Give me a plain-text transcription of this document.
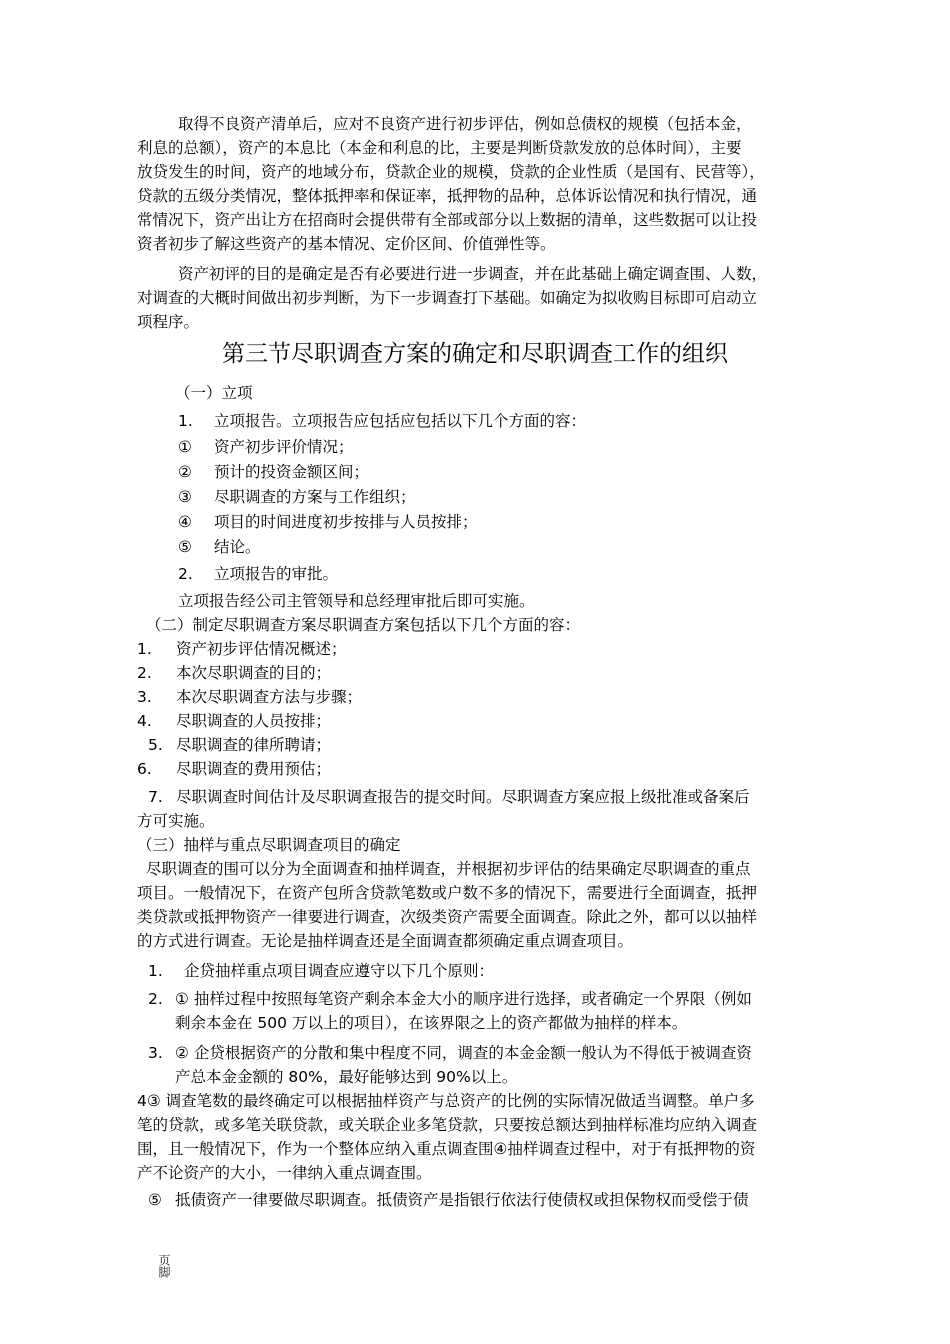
取得不良资产清单后，应对不良资产进行初步评估，例如总债权的规模（包括本金，
利息的总额），资产的本息比（本金和利息的比，主要是判断贷款发放的总体时间），主要
放贷发生的时间，资产的地域分布，贷款企业的规模，贷款的企业性质（是国有、民营等），
贷款的五级分类情况，整体抵押率和保证率，抵押物的品种，总体诉讼情况和执行情况，通
常情况下，资产出让方在招商时会提供带有全部或部分以上数据的清单，这些数据可以让投
资者初步了解这些资产的基本情况、定价区间、价值弹性等。
资产初评的目的是确定是否有必要进行进一步调查，并在此基础上确定调查围、人数，
对调查的大概时间做出初步判断，为下一步调查打下基础。如确定为拟收购目标即可启动立
项程序。
第三节尽职调查方案的确定和尽职调查工作的组织
（一）立项
1. 立项报告。立项报告应包括应包括以下几个方面的容：
① 资产初步评价情况；
② 预计的投资金额区间；
③ 尽职调查的方案与工作组织；
④ 项目的时间进度初步按排与人员按排；
⑤ 结论。
2. 立项报告的审批。
立项报告经公司主管领导和总经理审批后即可实施。
（二）制定尽职调查方案尽职调查方案包括以下几个方面的容：
1. 资产初步评估情况概述；
2. 本次尽职调查的目的；
3. 本次尽职调查方法与步骤；
4. 尽职调查的人员按排；
5. 尽职调查的律所聘请；
6. 尽职调查的费用预估；
7. 尽职调查时间估计及尽职调查报告的提交时间。尽职调查方案应报上级批准或备案后
方可实施。
（三）抽样与重点尽职调查项目的确定
尽职调查的围可以分为全面调查和抽样调查，并根据初步评估的结果确定尽职调查的重点
项目。一般情况下，在资产包所含贷款笔数或户数不多的情况下，需要进行全面调查，抵押
类贷款或抵押物资产一律要进行调查，次级类资产需要全面调查。除此之外，都可以以抽样
的方式进行调查。无论是抽样调查还是全面调查都须确定重点调查项目。
1. 企贷抽样重点项目调查应遵守以下几个原则：
2. ① 抽样过程中按照每笔资产剩余本金大小的顺序进行选择，或者确定一个界限（例如
剩余本金在 500 万以上的项目），在该界限之上的资产都做为抽样的样本。
3. ② 企贷根据资产的分散和集中程度不同，调查的本金金额一般认为不得低于被调查资
产总本金金额的 80%，最好能够达到 90%以上。
4③ 调查笔数的最终确定可以根据抽样资产与总资产的比例的实际情况做适当调整。单户多
笔的贷款，或多笔关联贷款，或关联企业多笔贷款，只要按总额达到抽样标准均应纳入调查
围，且一般情况下，作为一个整体应纳入重点调查围④抽样调查过程中，对于有抵押物的资
产不论资产的大小，一律纳入重点调查围。
⑤ 抵债资产一律要做尽职调查。抵债资产是指银行依法行使债权或担保物权而受偿于债
页脚
